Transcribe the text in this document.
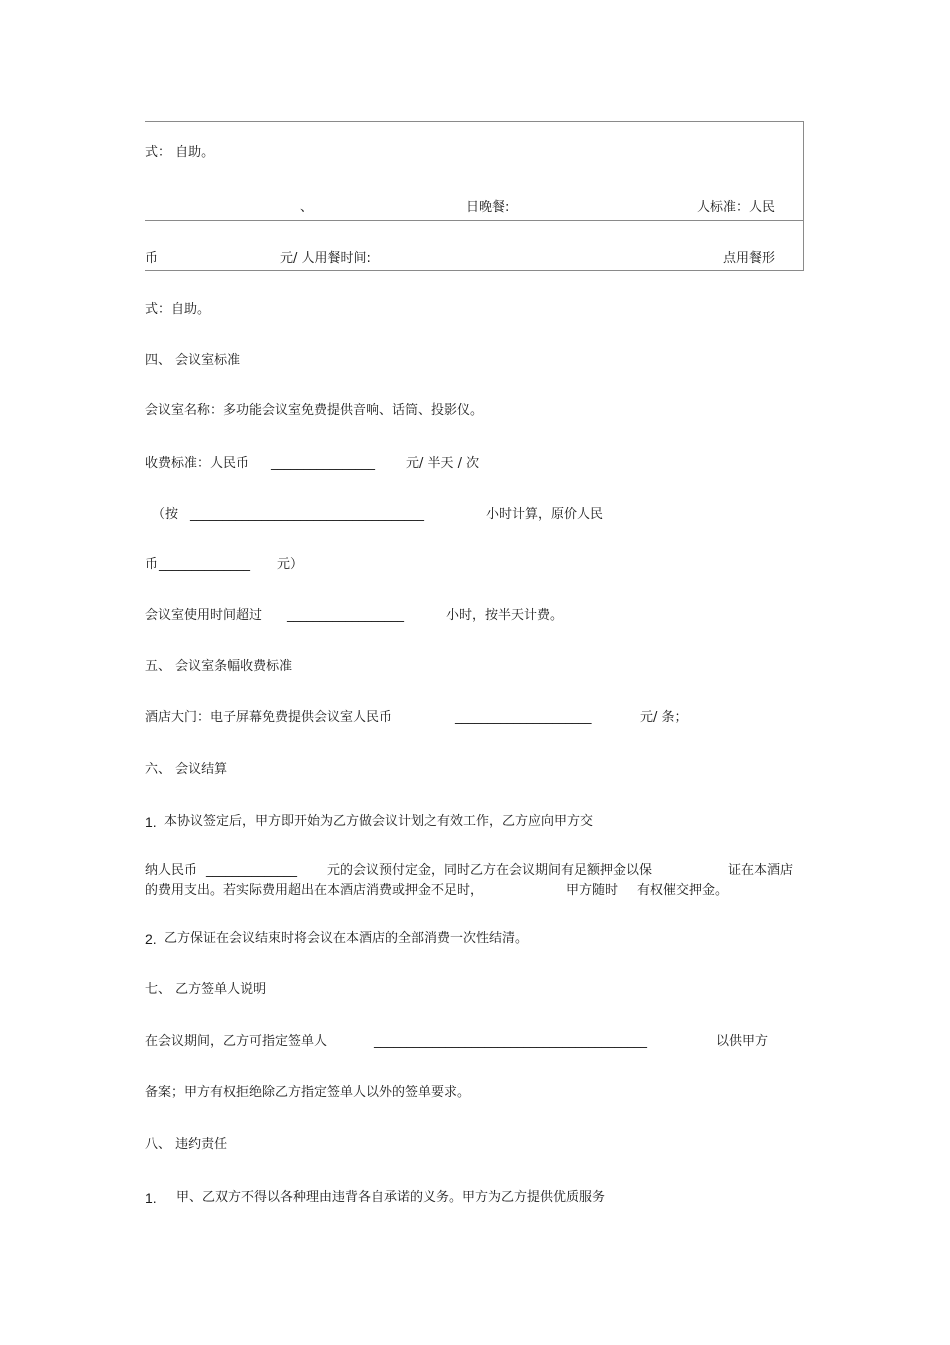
式： 自助。
、	日晚餐:	人标准：人民
币	元/ 人用餐时间:	点用餐形
式：自助。
四、 会议室标准
会议室名称：多功能会议室免费提供音响、话筒、投影仪。
收费标准：人民币 ________________ 元/ 半天 / 次
（按 ____________________________________	小时计算，原价人民
币 ______________ 元）
会议室使用时间超过 __________________	小时，按半天计费。
五、 会议室条幅收费标准
酒店大门：电子屏幕免费提供会议室人民币	_____________________	元/ 条；
六、 会议结算
1. 本协议签定后，甲方即开始为乙方做会议计划之有效工作，乙方应向甲方交
纳人民币 ______________ 元的会议预付定金，同时乙方在会议期间有足额押金以保	证在本酒店
的费用支出。若实际费用超出在本酒店消费或押金不足时，	甲方随时 有权催交押金。
2. 乙方保证在会议结束时将会议在本酒店的全部消费一次性结清。
七、 乙方签单人说明
在会议期间，乙方可指定签单人	__________________________________________	以供甲方
备案；甲方有权拒绝除乙方指定签单人以外的签单要求。
八、 违约责任
1. 甲、乙双方不得以各种理由违背各自承诺的义务。甲方为乙方提供优质服务
